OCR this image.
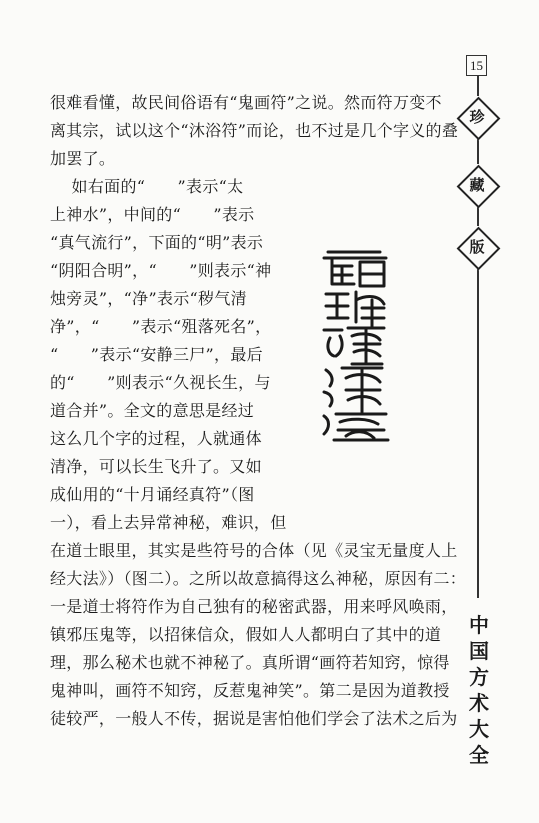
15
珍
藏
版
中国方术大全
很难看懂，故民间俗语有“鬼画符”之说。然而符万变不
离其宗，试以这个“沐浴符”而论，也不过是几个字义的叠
加罢了。
如右面的“      ”表示“太
上神水”，中间的“      ”表示
“真气流行”，下面的“明”表示
“阴阳合明”，“      ”则表示“神
烛旁灵”，“净”表示“秽气清
净”，“      ”表示“殂落死名”，
“      ”表示“安静三尸”，最后
的“      ”则表示“久视长生，与
道合并”。全文的意思是经过
这么几个字的过程，人就通体
清净，可以长生飞升了。又如
成仙用的“十月诵经真符”（图
一），看上去异常神秘，难识，但
在道士眼里，其实是些符号的合体（见《灵宝无量度人上
经大法》）（图二）。之所以故意搞得这么神秘，原因有二：
一是道士将符作为自己独有的秘密武器，用来呼风唤雨，
镇邪压鬼等，以招徕信众，假如人人都明白了其中的道
理，那么秘术也就不神秘了。真所谓“画符若知窍，惊得
鬼神叫，画符不知窍，反惹鬼神笑”。第二是因为道教授
徒较严，一般人不传，据说是害怕他们学会了法术之后为
